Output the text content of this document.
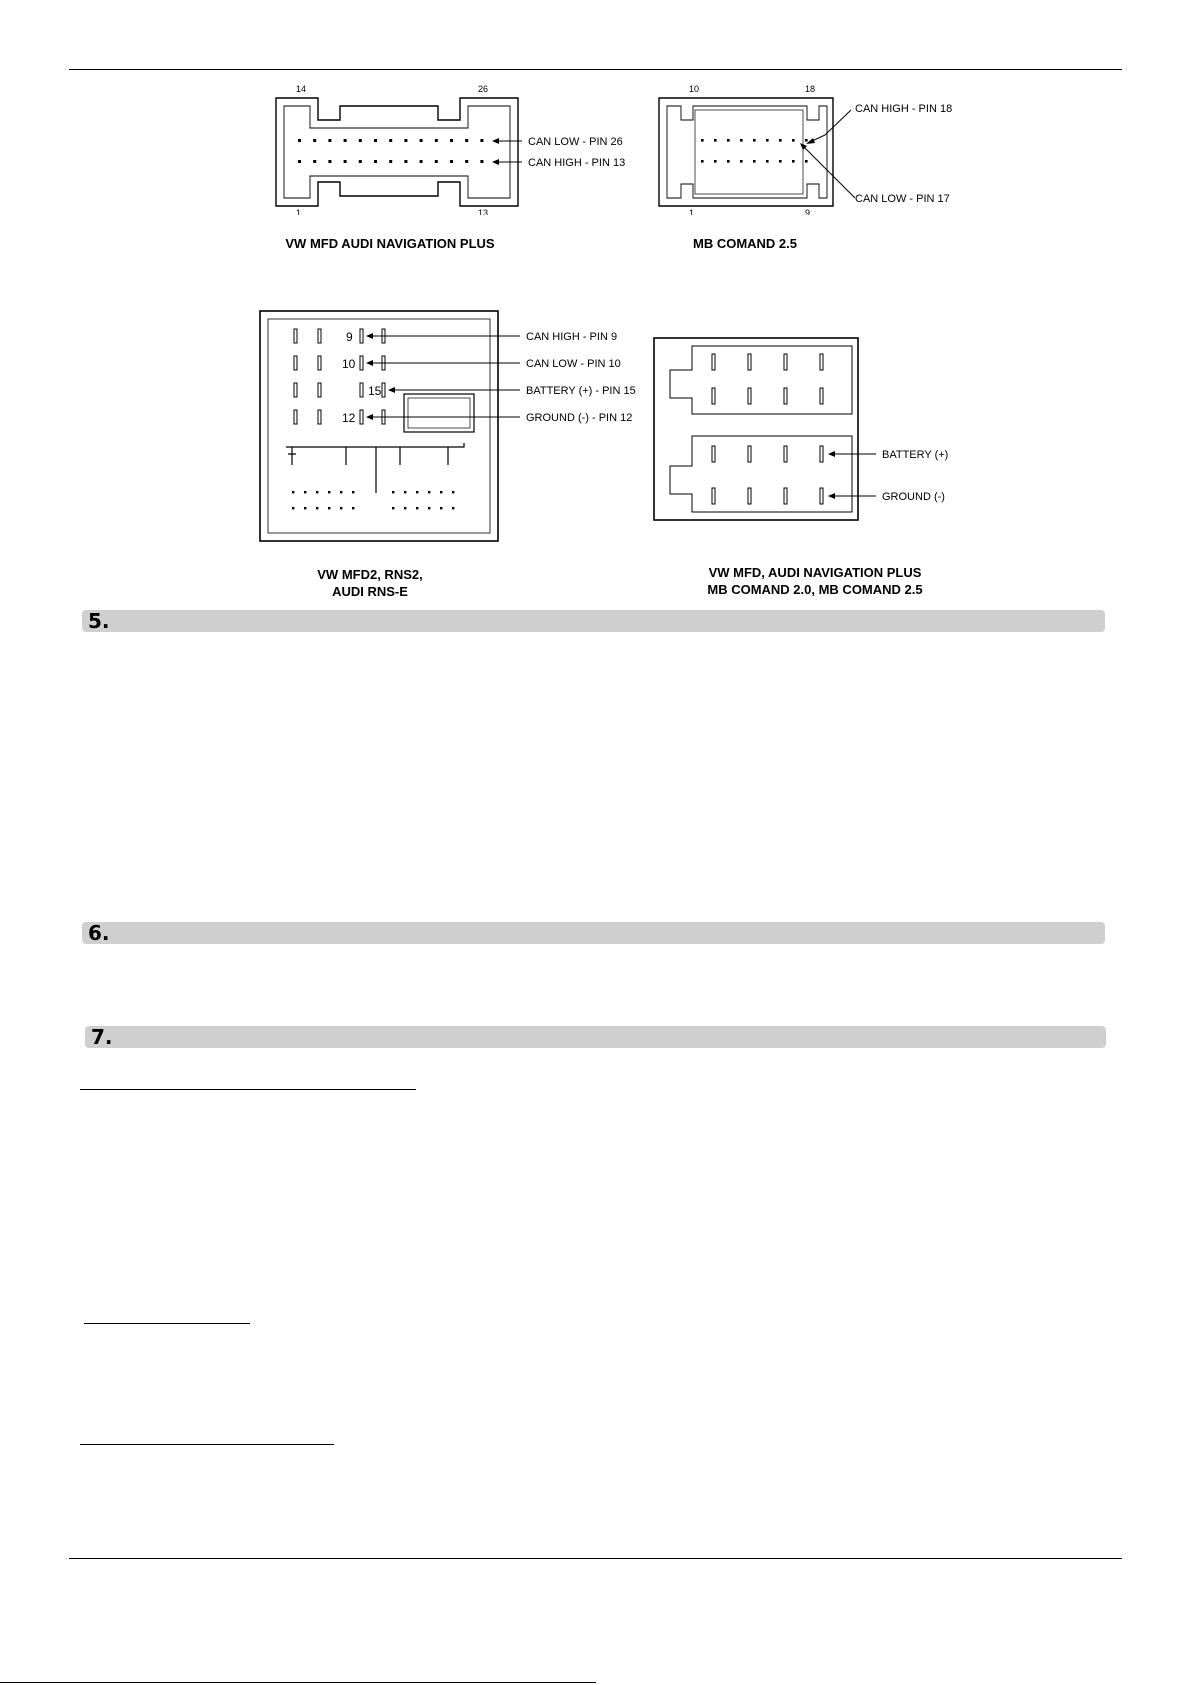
14	26
CAN LOW - PIN 26
CAN HIGH - PIN 13
1	13
VW MFD AUDI NAVIGATION PLUS
10	18
CAN HIGH - PIN 18
CAN LOW - PIN 17
1	9
MB COMAND 2.5
9
10
15
12
CAN HIGH - PIN 9
CAN LOW - PIN 10
BATTERY (+) - PIN 15
GROUND (-) - PIN 12
VW MFD2, RNS2,
AUDI RNS-E
BATTERY (+)
GROUND (-)
VW MFD, AUDI NAVIGATION PLUS
MB COMAND 2.0, MB COMAND 2.5
5.
6.
7.
